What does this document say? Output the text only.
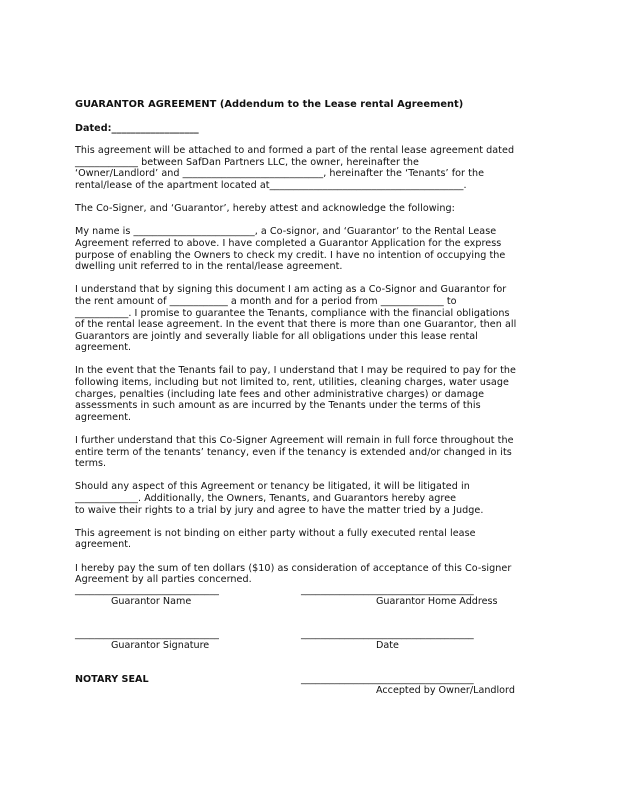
GUARANTOR AGREEMENT (Addendum to the Lease rental Agreement)
Dated:__________________
This agreement will be attached to and formed a part of the rental lease agreement dated
_____________ between SafDan Partners LLC, the owner, hereinafter the
‘Owner/Landlord’ and _____________________________, hereinafter the ‘Tenants’ for the
rental/lease of the apartment located at________________________________________.
The Co-Signer, and ‘Guarantor’, hereby attest and acknowledge the following:
My name is _________________________, a Co-signor, and ‘Guarantor’ to the Rental Lease
Agreement referred to above. I have completed a Guarantor Application for the express
purpose of enabling the Owners to check my credit. I have no intention of occupying the
dwelling unit referred to in the rental/lease agreement.
I understand that by signing this document I am acting as a Co-Signor and Guarantor for
the rent amount of ____________ a month and for a period from _____________ to
___________. I promise to guarantee the Tenants, compliance with the financial obligations
of the rental lease agreement. In the event that there is more than one Guarantor, then all
Guarantors are jointly and severally liable for all obligations under this lease rental
agreement.
In the event that the Tenants fail to pay, I understand that I may be required to pay for the
following items, including but not limited to, rent, utilities, cleaning charges, water usage
charges, penalties (including late fees and other administrative charges) or damage
assessments in such amount as are incurred by the Tenants under the terms of this
agreement.
I further understand that this Co-Signer Agreement will remain in full force throughout the
entire term of the tenants’ tenancy, even if the tenancy is extended and/or changed in its
terms.
Should any aspect of this Agreement or tenancy be litigated, it will be litigated in
_____________. Additionally, the Owners, Tenants, and Guarantors hereby agree
to waive their rights to a trial by jury and agree to have the matter tried by a Judge.
This agreement is not binding on either party without a fully executed rental lease
agreement.
I hereby pay the sum of ten dollars ($10) as consideration of acceptance of this Co-signer
Agreement by all parties concerned.
______________________________	____________________________________
Guarantor Name	Guarantor Home Address
______________________________	____________________________________
Guarantor Signature	Date
NOTARY SEAL	____________________________________
Accepted by Owner/Landlord
